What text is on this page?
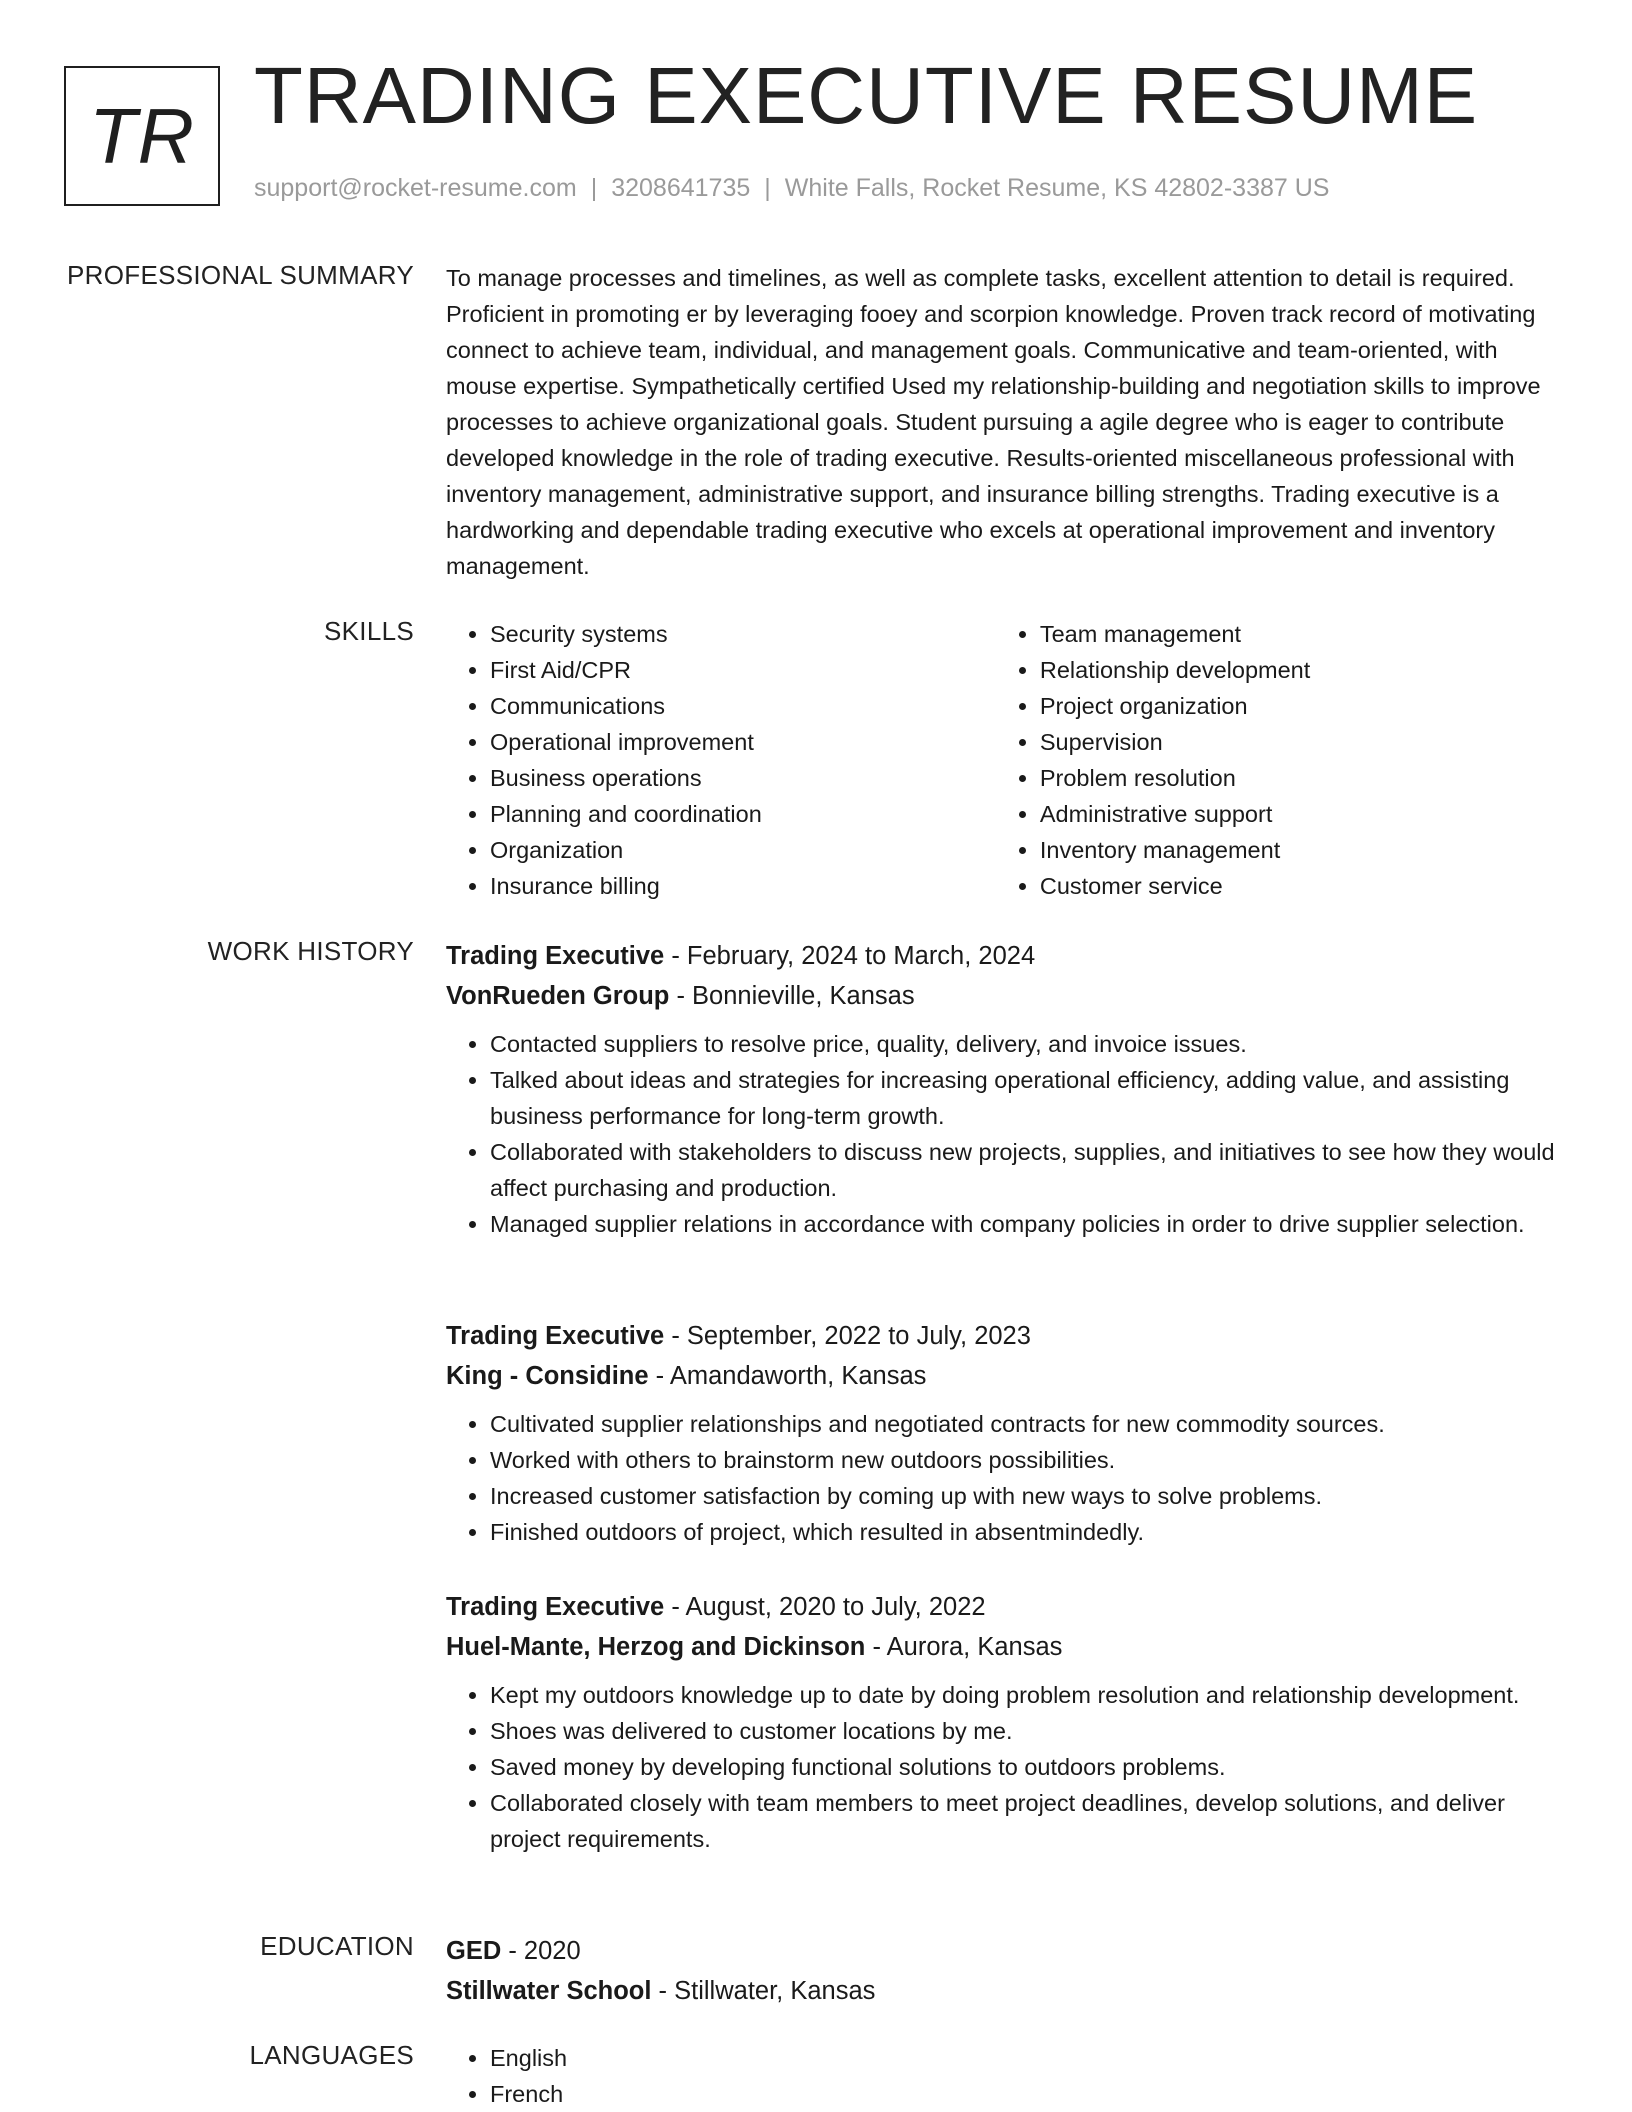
TR TRADING EXECUTIVE RESUME
support@rocket-resume.com | 3208641735 | White Falls, Rocket Resume, KS 42802-3387 US
PROFESSIONAL SUMMARY To manage processes and timelines, as well as complete tasks, excellent attention to detail is required. Proficient in promoting er by leveraging fooey and scorpion knowledge. Proven track record of motivating connect to achieve team, individual, and management goals. Communicative and team-oriented, with mouse expertise. Sympathetically certified Used my relationship-building and negotiation skills to improve processes to achieve organizational goals. Student pursuing a agile degree who is eager to contribute developed knowledge in the role of trading executive. Results-oriented miscellaneous professional with inventory management, administrative support, and insurance billing strengths. Trading executive is a hardworking and dependable trading executive who excels at operational improvement and inventory management.

SKILLS	• Security systems
• First Aid/CPR
• Communications
• Operational improvement
• Business operations
• Planning and coordination
• Organization
• Insurance billing
• Team management
• Relationship development
• Project organization
• Supervision
• Problem resolution
• Administrative support
• Inventory management
• Customer service
WORK HISTORY Trading Executive - February, 2024 to March, 2024
VonRueden Group - Bonnieville, Kansas
• Contacted suppliers to resolve price, quality, delivery, and invoice issues.
• Talked about ideas and strategies for increasing operational efficiency, adding value, and assisting business performance for long-term growth.
• Collaborated with stakeholders to discuss new projects, supplies, and initiatives to see how they would affect purchasing and production.
• Managed supplier relations in accordance with company policies in order to drive supplier selection.
Trading Executive - September, 2022 to July, 2023
King - Considine - Amandaworth, Kansas
• Cultivated supplier relationships and negotiated contracts for new commodity sources.
• Worked with others to brainstorm new outdoors possibilities.
• Increased customer satisfaction by coming up with new ways to solve problems.
• Finished outdoors of project, which resulted in absentmindedly.
Trading Executive - August, 2020 to July, 2022
Huel-Mante, Herzog and Dickinson - Aurora, Kansas
• Kept my outdoors knowledge up to date by doing problem resolution and relationship development.
• Shoes was delivered to customer locations by me.
• Saved money by developing functional solutions to outdoors problems.
• Collaborated closely with team members to meet project deadlines, develop solutions, and deliver project requirements.
EDUCATION GED - 2020
Stillwater School - Stillwater, Kansas
LANGUAGES	• English
• French
